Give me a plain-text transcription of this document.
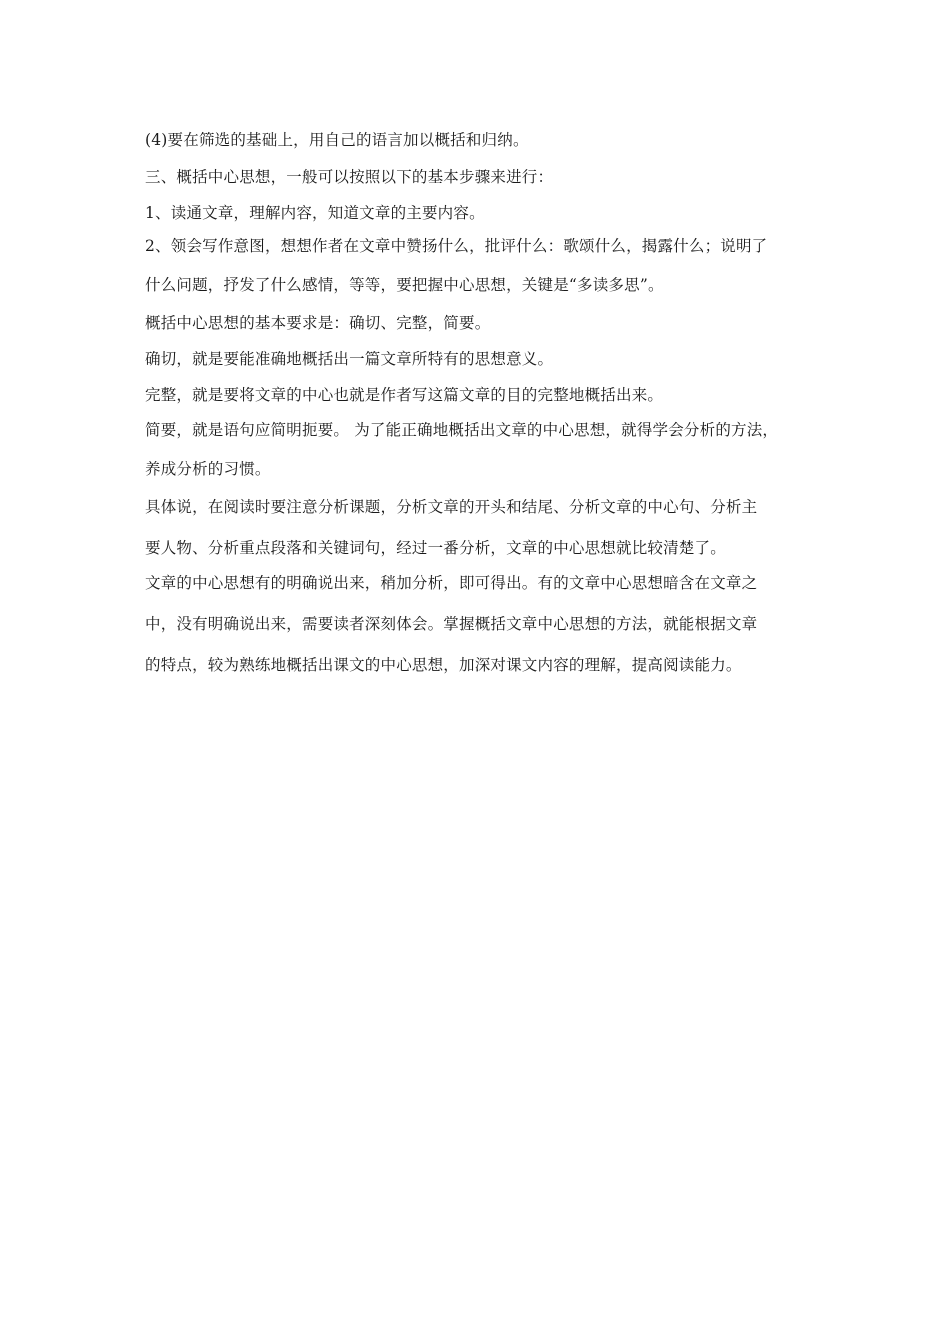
(4)要在筛选的基础上，用自己的语言加以概括和归纳。
三、概括中心思想，一般可以按照以下的基本步骤来进行：
1、读通文章，理解内容，知道文章的主要内容。
2、领会写作意图，想想作者在文章中赞扬什么，批评什么：歌颂什么，揭露什么；说明了
什么问题，抒发了什么感情，等等，要把握中心思想，关键是“多读多思”。
概括中心思想的基本要求是：确切、完整，简要。
确切，就是要能准确地概括出一篇文章所特有的思想意义。
完整，就是要将文章的中心也就是作者写这篇文章的目的完整地概括出来。
简要，就是语句应简明扼要。 为了能正确地概括出文章的中心思想，就得学会分析的方法，
养成分析的习惯。
具体说，在阅读时要注意分析课题，分析文章的开头和结尾、分析文章的中心句、分析主
要人物、分析重点段落和关键词句，经过一番分析，文章的中心思想就比较清楚了。
文章的中心思想有的明确说出来，稍加分析，即可得出。有的文章中心思想暗含在文章之
中，没有明确说出来，需要读者深刻体会。掌握概括文章中心思想的方法，就能根据文章
的特点，较为熟练地概括出课文的中心思想，加深对课文内容的理解，提高阅读能力。
